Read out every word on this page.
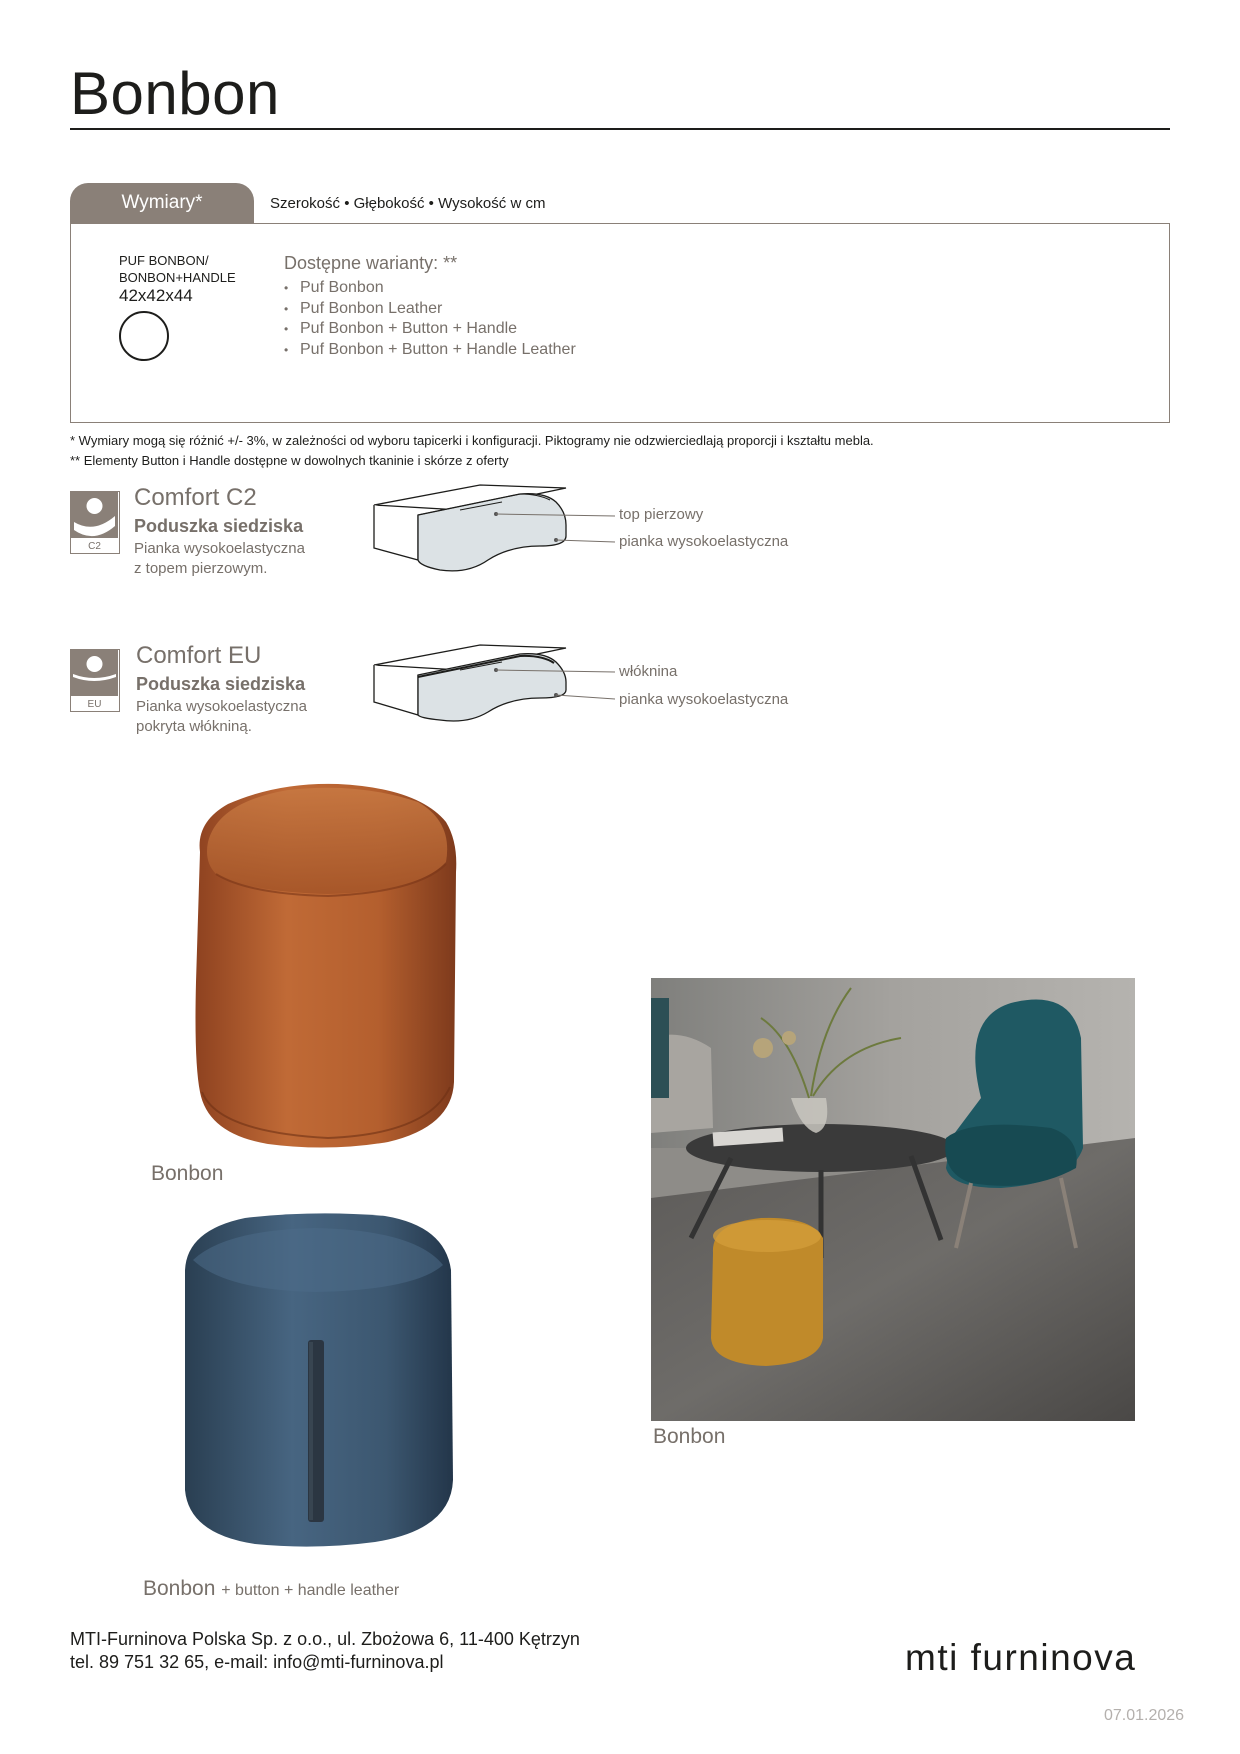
Bonbon
Wymiary*	Szerokość • Głębokość • Wysokość w cm
PUF BONBON/
BONBON+HANDLE
42x42x44
Dostępne warianty: **
• Puf Bonbon
• Puf Bonbon Leather
• Puf Bonbon + Button + Handle
• Puf Bonbon + Button + Handle Leather
* Wymiary mogą się różnić +/- 3%, w zależności od wyboru tapicerki i konfiguracji. Piktogramy nie odzwierciedlają proporcji i kształtu mebla.
** Elementy Button i Handle dostępne w dowolnych tkaninie i skórze z oferty
C2
Comfort C2
Poduszka siedziska
Pianka wysokoelastyczna
z topem pierzowym.
top pierzowy
pianka wysokoelastyczna
EU
Comfort EU
Poduszka siedziska
Pianka wysokoelastyczna
pokryta włókniną.
włóknina
pianka wysokoelastyczna
Bonbon
Bonbon + button + handle leather
Bonbon
MTI-Furninova Polska Sp. z o.o., ul. Zbożowa 6, 11-400 Kętrzyn
tel. 89 751 32 65, e-mail: info@mti-furninova.pl	mti furninova
07.01.2026
